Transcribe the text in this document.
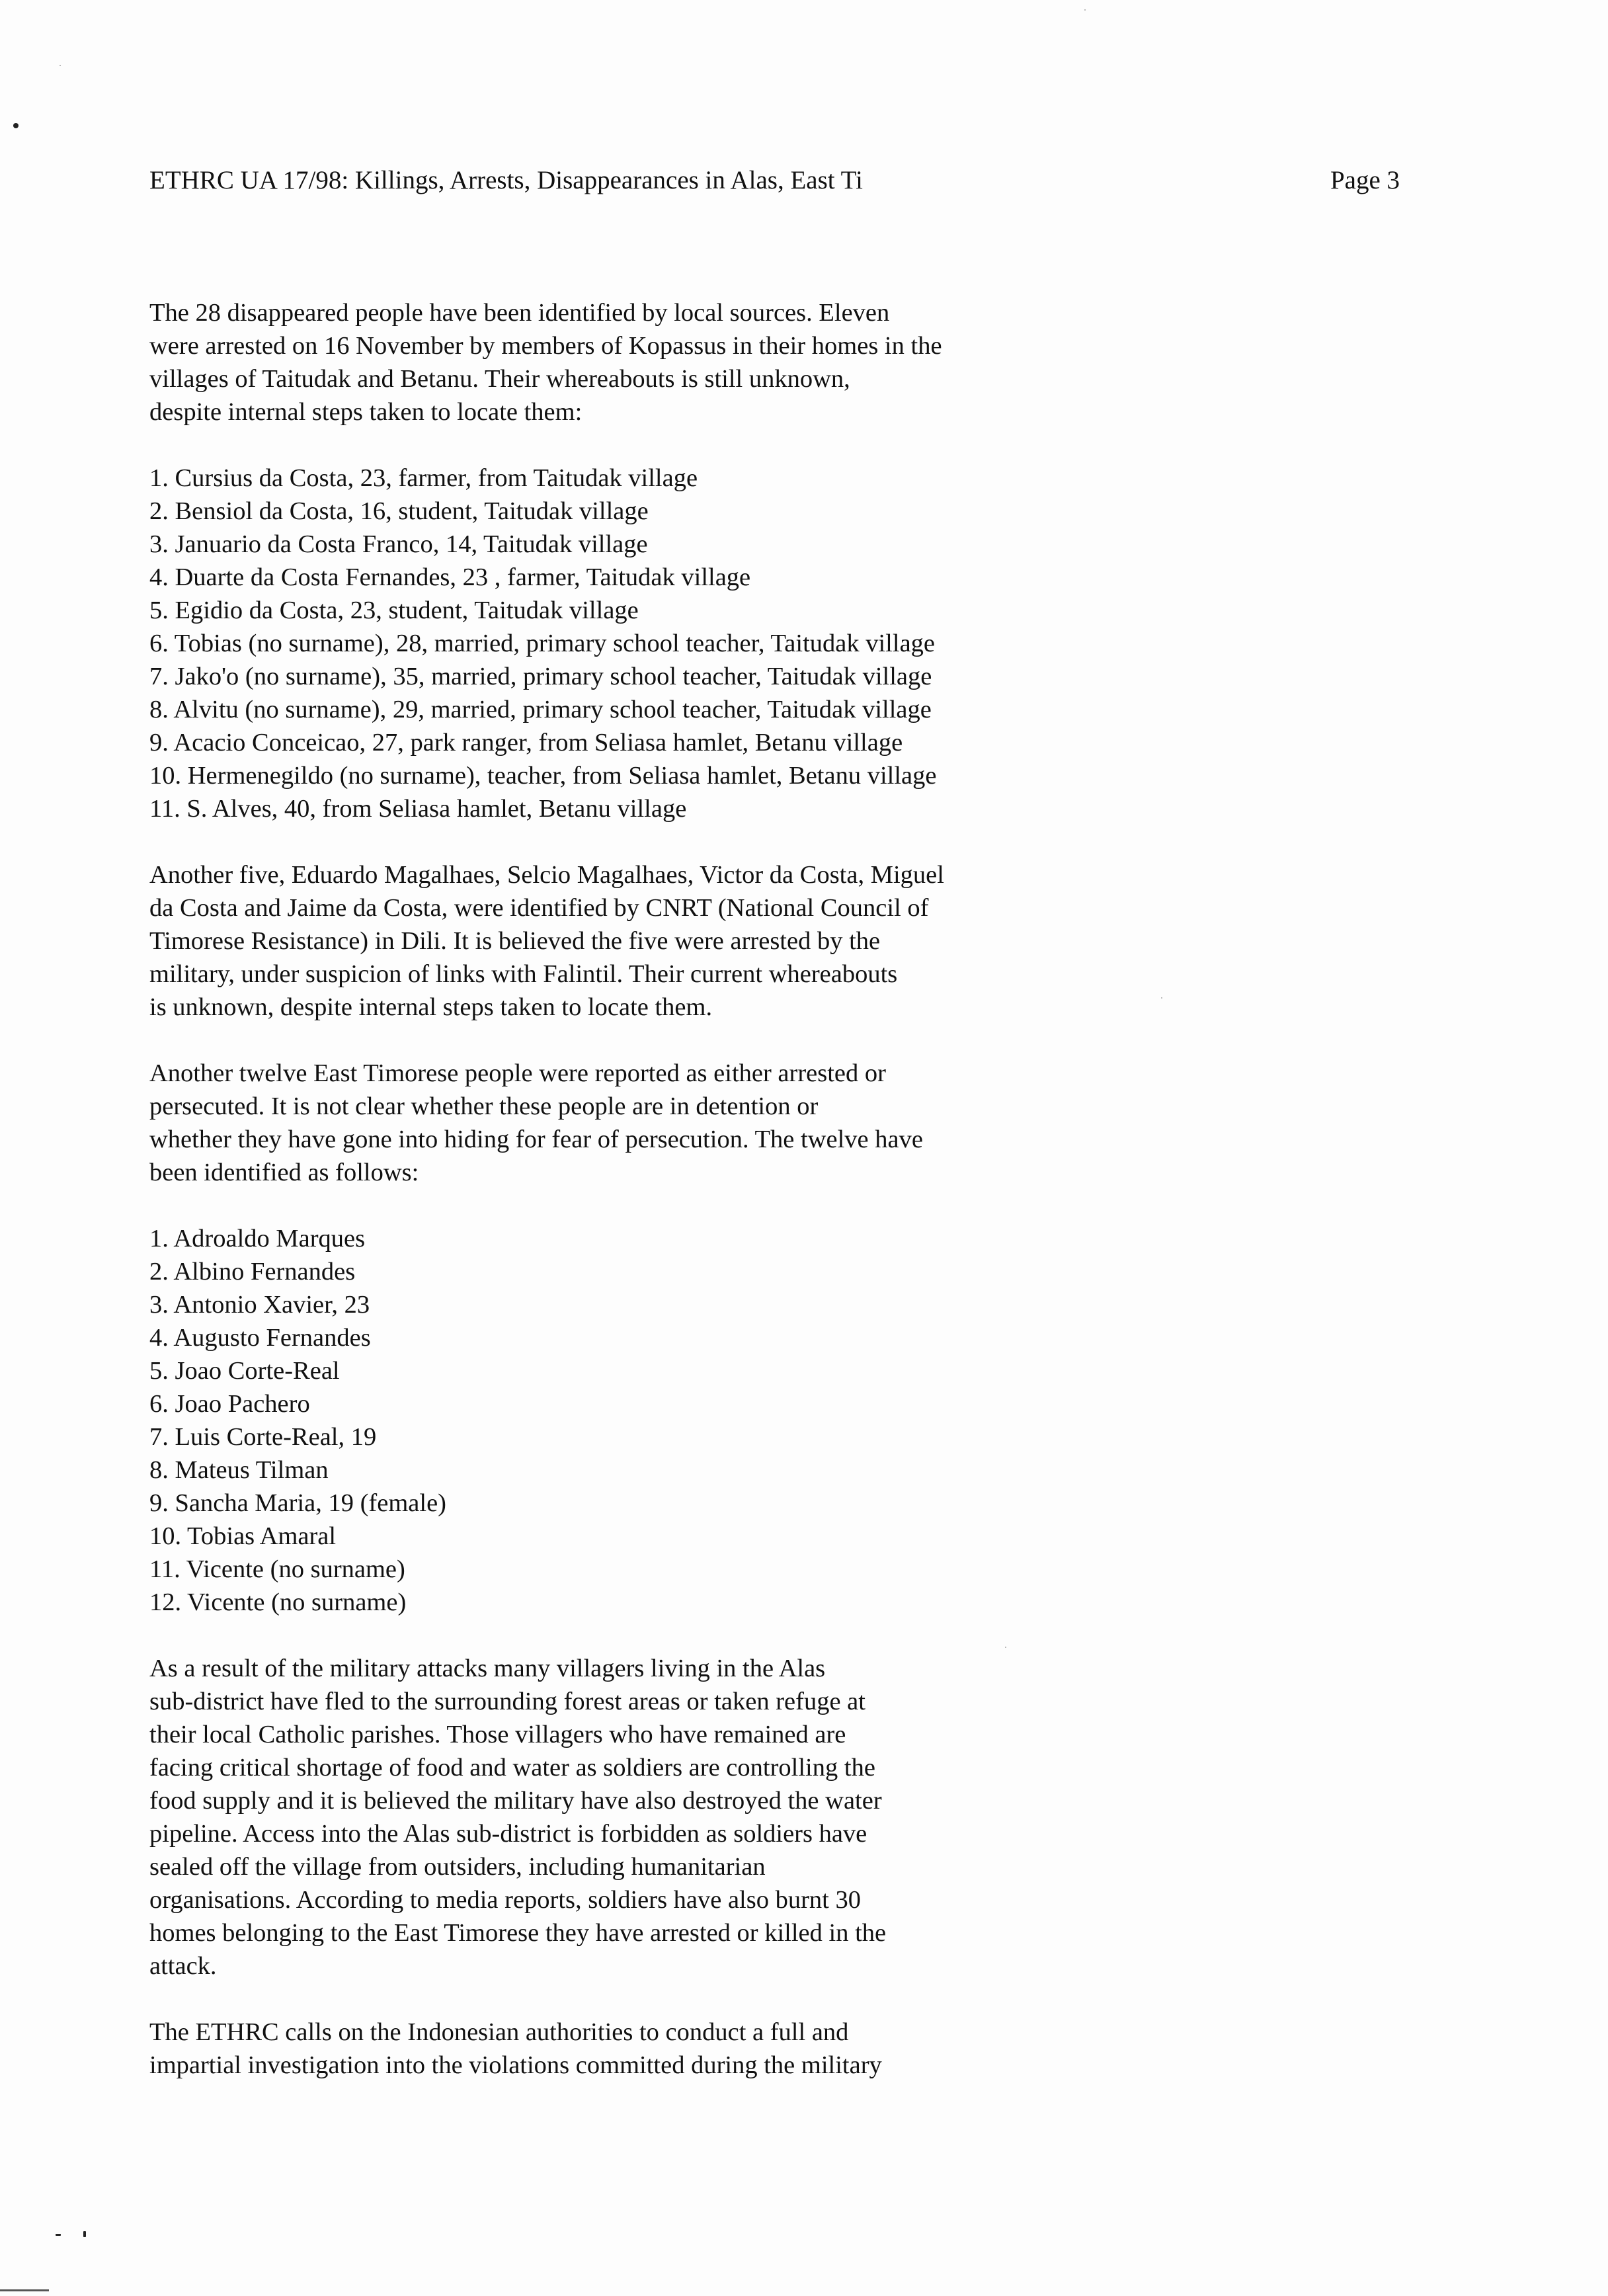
ETHRC UA 17/98: Killings, Arrests, Disappearances in Alas, East Ti	Page 3

The 28 disappeared people have been identified by local sources. Eleven
were arrested on 16 November by members of Kopassus in their homes in the
villages of Taitudak and Betanu. Their whereabouts is still unknown,
despite internal steps taken to locate them:

1. Cursius da Costa, 23, farmer, from Taitudak village
2. Bensiol da Costa, 16, student, Taitudak village
3. Januario da Costa Franco, 14, Taitudak village
4. Duarte da Costa Fernandes, 23 , farmer, Taitudak village
5. Egidio da Costa, 23, student, Taitudak village
6. Tobias (no surname), 28, married, primary school teacher, Taitudak village
7. Jako'o (no surname), 35, married, primary school teacher, Taitudak village
8. Alvitu (no surname), 29, married, primary school teacher, Taitudak village
9. Acacio Conceicao, 27, park ranger, from Seliasa hamlet, Betanu village
10. Hermenegildo (no surname), teacher, from Seliasa hamlet, Betanu village
11. S. Alves, 40, from Seliasa hamlet, Betanu village

Another five, Eduardo Magalhaes, Selcio Magalhaes, Victor da Costa, Miguel
da Costa and Jaime da Costa, were identified by CNRT (National Council of
Timorese Resistance) in Dili. It is believed the five were arrested by the
military, under suspicion of links with Falintil. Their current whereabouts
is unknown, despite internal steps taken to locate them.

Another twelve East Timorese people were reported as either arrested or
persecuted. It is not clear whether these people are in detention or
whether they have gone into hiding for fear of persecution. The twelve have
been identified as follows:

1. Adroaldo Marques
2. Albino Fernandes
3. Antonio Xavier, 23
4. Augusto Fernandes
5. Joao Corte-Real
6. Joao Pachero
7. Luis Corte-Real, 19
8. Mateus Tilman
9. Sancha Maria, 19 (female)
10. Tobias Amaral
11. Vicente (no surname)
12. Vicente (no surname)

As a result of the military attacks many villagers living in the Alas
sub-district have fled to the surrounding forest areas or taken refuge at
their local Catholic parishes. Those villagers who have remained are
facing critical shortage of food and water as soldiers are controlling the
food supply and it is believed the military have also destroyed the water
pipeline. Access into the Alas sub-district is forbidden as soldiers have
sealed off the village from outsiders, including humanitarian
organisations. According to media reports, soldiers have also burnt 30
homes belonging to the East Timorese they have arrested or killed in the
attack.

The ETHRC calls on the Indonesian authorities to conduct a full and
impartial investigation into the violations committed during the military
